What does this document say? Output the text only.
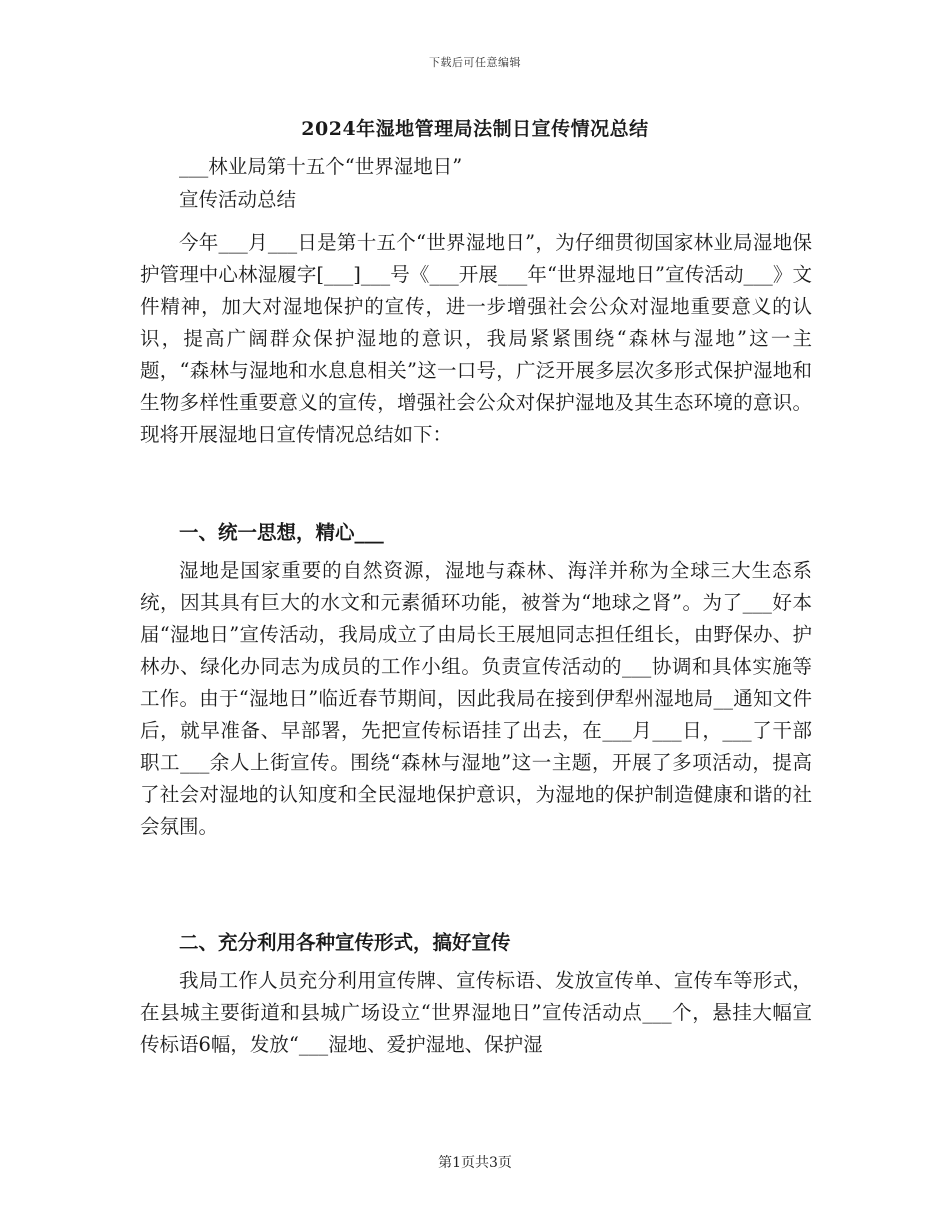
下载后可任意编辑
2024年湿地管理局法制日宣传情况总结
___林业局第十五个“世界湿地日”
宣传活动总结
今年___月___日是第十五个“世界湿地日”，为仔细贯彻国家林业局湿地保护管理中心林湿履字[___]___号《___开展___年“世界湿地日”宣传活动___》文件精神，加大对湿地保护的宣传，进一步增强社会公众对湿地重要意义的认识，提高广阔群众保护湿地的意识，我局紧紧围绕“森林与湿地”这一主题，“森林与湿地和水息息相关”这一口号，广泛开展多层次多形式保护湿地和生物多样性重要意义的宣传，增强社会公众对保护湿地及其生态环境的意识。现将开展湿地日宣传情况总结如下：
一、统一思想，精心___
湿地是国家重要的自然资源，湿地与森林、海洋并称为全球三大生态系统，因其具有巨大的水文和元素循环功能，被誉为“地球之肾”。为了___好本届“湿地日”宣传活动，我局成立了由局长王展旭同志担任组长，由野保办、护林办、绿化办同志为成员的工作小组。负责宣传活动的___协调和具体实施等工作。由于“湿地日”临近春节期间，因此我局在接到伊犁州湿地局__通知文件后，就早准备、早部署，先把宣传标语挂了出去，在___月___日，___了干部职工___余人上街宣传。围绕“森林与湿地”这一主题，开展了多项活动，提高了社会对湿地的认知度和全民湿地保护意识，为湿地的保护制造健康和谐的社会氛围。
二、充分利用各种宣传形式，搞好宣传
我局工作人员充分利用宣传牌、宣传标语、发放宣传单、宣传车等形式，在县城主要街道和县城广场设立“世界湿地日”宣传活动点___个，悬挂大幅宣传标语6幅，发放“___湿地、爱护湿地、保护湿
第1页共3页
